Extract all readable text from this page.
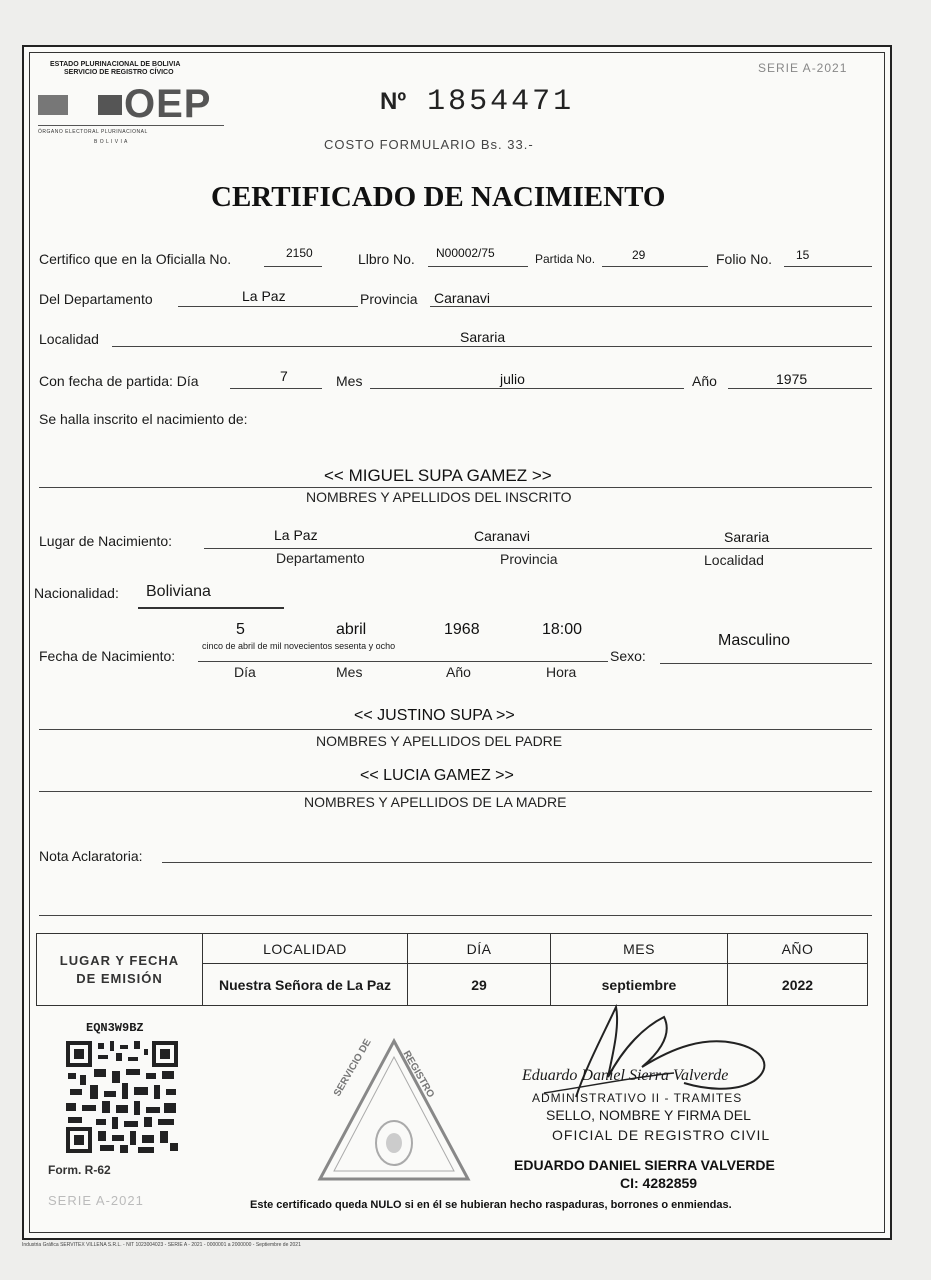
ESTADO PLURINACIONAL DE BOLIVIA
SERVICIO DE REGISTRO CÍVICO
OEP
ÓRGANO ELECTORAL PLURINACIONAL
B O L I V I A
SERIE A-2021
Nº 1854471
COSTO FORMULARIO Bs. 33.-
CERTIFICADO DE NACIMIENTO
Certifico que en la Oficialla No.	2150	Llbro No. N00002/75	Partida No.	29	Folio No. 15
Del Departamento	La Paz	Provincia Caranavi
Localidad	Sararia
Con fecha de partida: Día	7	Mes	julio	Año	1975
Se halla inscrito el nacimiento de:
<< MIGUEL SUPA GAMEZ >>
NOMBRES Y APELLIDOS DEL INSCRITO
Lugar de Nacimiento:	La Paz	Caranavi	Sararia
Departamento	Provincia	Localidad
Nacionalidad: Boliviana
5	abril	1968	18:00
Fecha de Nacimiento:
cinco de abril de mil novecientos sesenta y ocho
Día	Mes	Año	Hora
Sexo:
Masculino
<< JUSTINO SUPA >>
NOMBRES Y APELLIDOS DEL PADRE
<< LUCIA GAMEZ >>
NOMBRES Y APELLIDOS DE LA MADRE
Nota Aclaratoria:
LUGAR Y FECHA
DE EMISIÓN	LOCALIDAD	DÍA	MES	AÑO
	Nuestra Señora de La Paz	29	septiembre	2022
EQN3W9BZ
Form. R-62
SERIE A-2021
SERVICIO DE	REGISTRO	Eduardo Daniel Sierra Valverde
ADMINISTRATIVO II - TRAMITES
SELLO, NOMBRE Y FIRMA DEL
OFICIAL DE REGISTRO CIVIL
EDUARDO DANIEL SIERRA VALVERDE
CI: 4282859
Este certificado queda NULO si en él se hubieran hecho raspaduras, borrones o enmiendas.
Industria Gráfica SERVITEX VILLENA S.R.L. - NIT 1023004023 - SERIE A - 2021 - 0000001 a 2000000 - Septiembre de 2021
